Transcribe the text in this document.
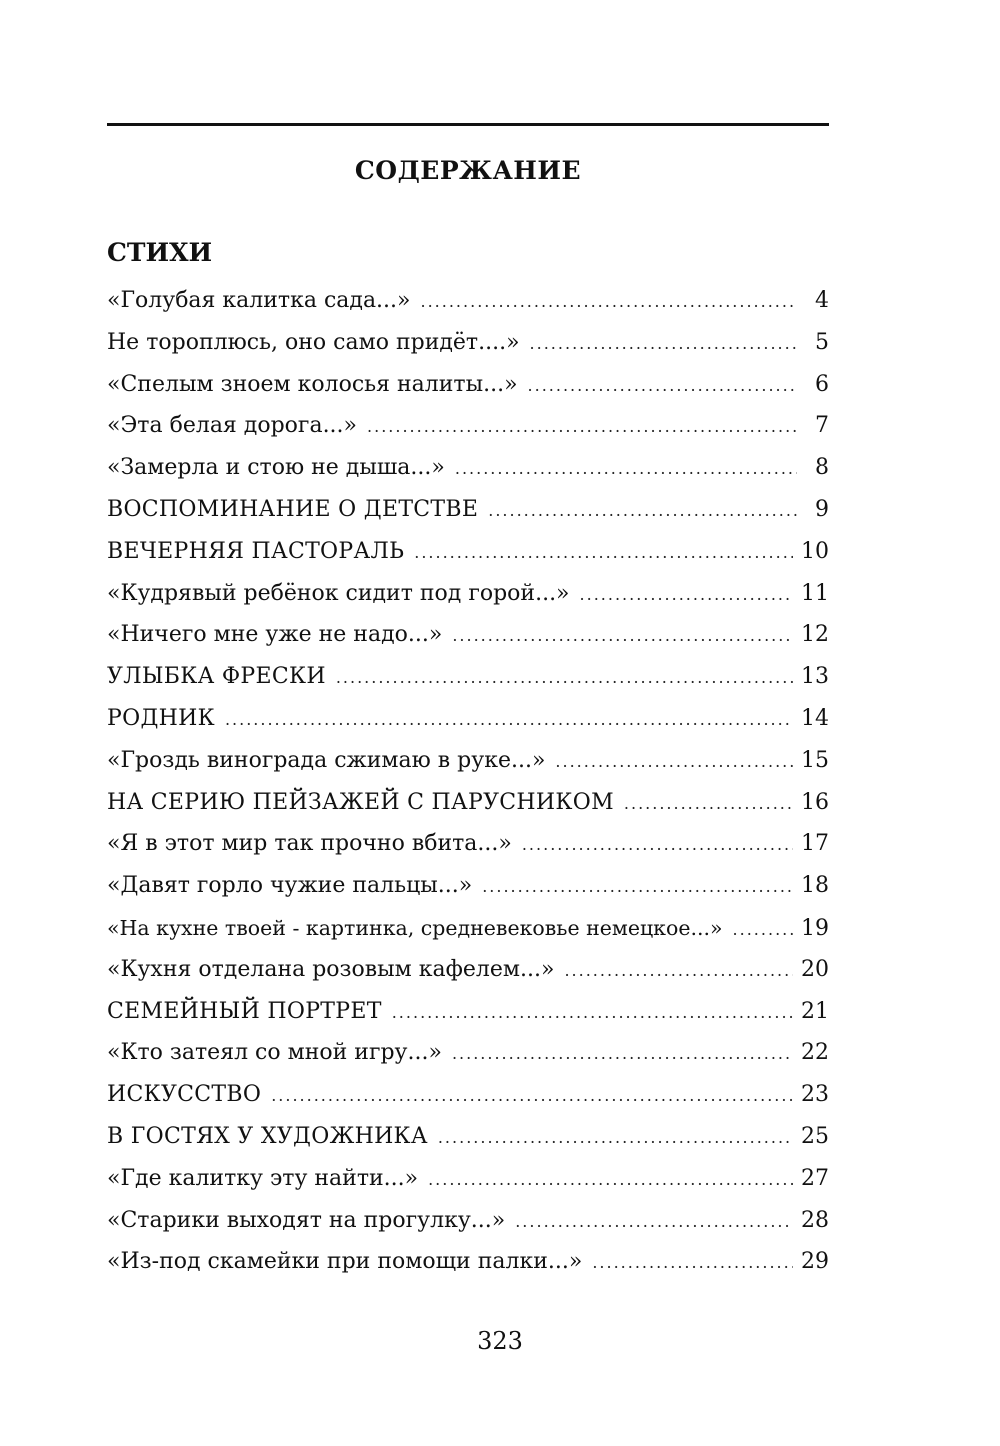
СОДЕРЖАНИЕ
СТИХИ
«Голубая калитка сада...» .....	4
Не тороплюсь, оно само придёт....» .....	5
«Спелым зноем колосья налиты...» .....	6
«Эта белая дорога...» .....	7
«Замерла и стою не дыша...» .....	8
ВОСПОМИНАНИЕ О ДЕТСТВЕ .....	9
ВЕЧЕРНЯЯ ПАСТОРАЛЬ .....	10
«Кудрявый ребёнок сидит под горой...» .....	11
«Ничего мне уже не надо...» .....	12
УЛЫБКА ФРЕСКИ .....	13
РОДНИК .....	14
«Гроздь винограда сжимаю в руке...» .....	15
НА СЕРИЮ ПЕЙЗАЖЕЙ С ПАРУСНИКОМ .....	16
«Я в этот мир так прочно вбита...» .....	17
«Давят горло чужие пальцы...» .....	18
«На кухне твоей - картинка, средневековье немецкое...» .....	19
«Кухня отделана розовым кафелем...» .....	20
СЕМЕЙНЫЙ ПОРТРЕТ .....	21
«Кто затеял со мной игру...» .....	22
ИСКУССТВО .....	23
В ГОСТЯХ У ХУДОЖНИКА .....	25
«Где калитку эту найти...» .....	27
«Старики выходят на прогулку...» .....	28
«Из-под скамейки при помощи палки...» .....	29
323
